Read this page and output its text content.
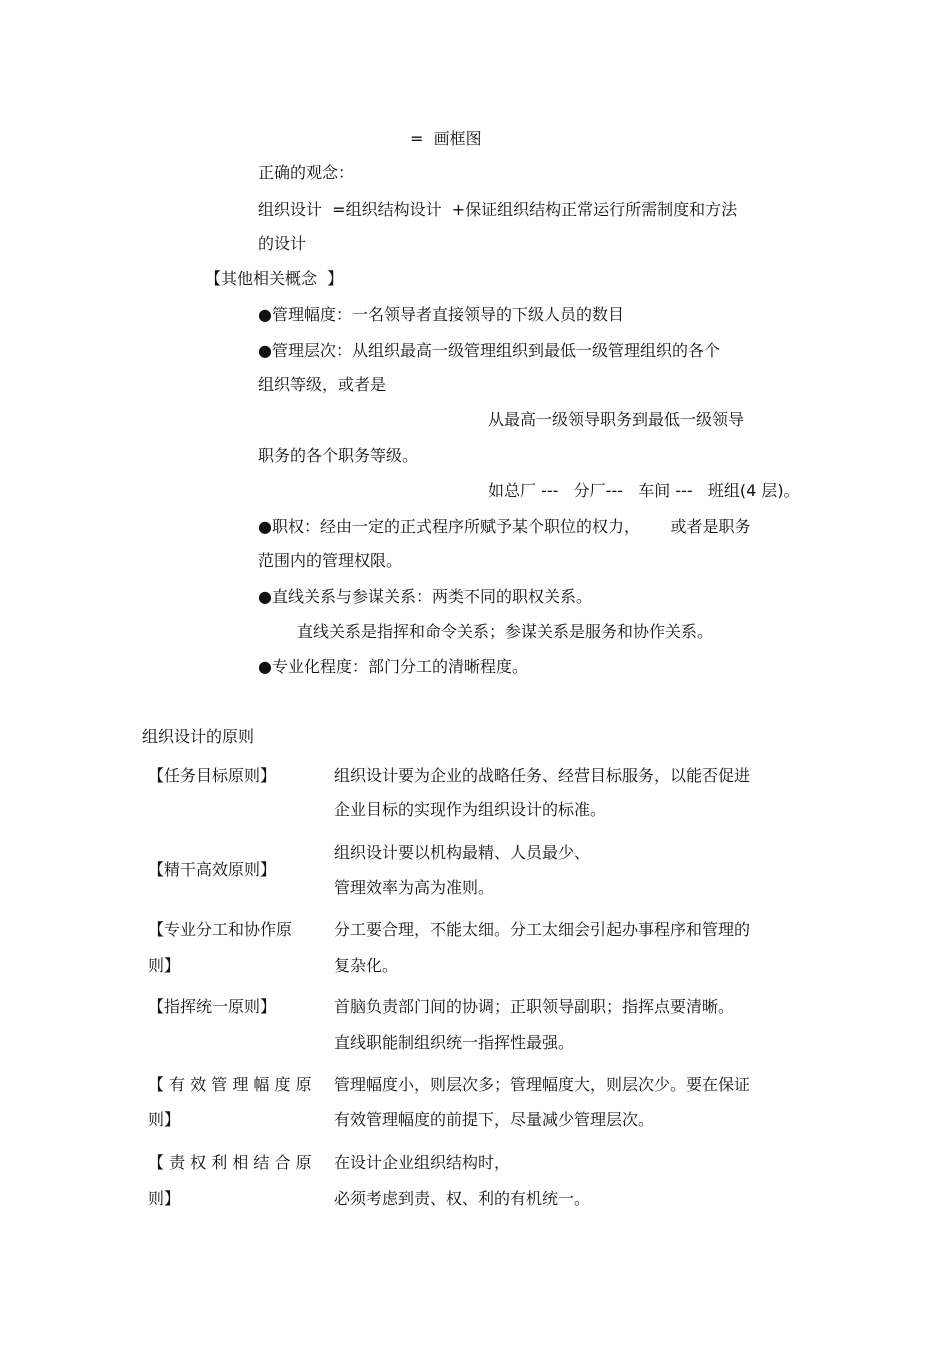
=  画框图
正确的观念：
组织设计  =组织结构设计  +保证组织结构正常运行所需制度和方法
的设计
【其他相关概念  】
●管理幅度：一名领导者直接领导的下级人员的数目
●管理层次：从组织最高一级管理组织到最低一级管理组织的各个
组织等级，或者是
从最高一级领导职务到最低一级领导
职务的各个职务等级。
如总厂 ---   分厂---   车间 ---   班组(4 层)。
●职权：经由一定的正式程序所赋予某个职位的权力，      或者是职务
范围内的管理权限。
●直线关系与参谋关系：两类不同的职权关系。
直线关系是指挥和命令关系；参谋关系是服务和协作关系。
●专业化程度：部门分工的清晰程度。
组织设计的原则
【任务目标原则】	组织设计要为企业的战略任务、经营目标服务，以能否促进
企业目标的实现作为组织设计的标准。
【精干高效原则】
组织设计要以机构最精、人员最少、
管理效率为高为准则。
【专业分工和协作原
则】
分工要合理，不能太细。分工太细会引起办事程序和管理的
复杂化。
【指挥统一原则】	首脑负责部门间的协调；正职领导副职；指挥点要清晰。
直线职能制组织统一指挥性最强。
【 有 效 管 理 幅 度 原
则】
管理幅度小，则层次多；管理幅度大，则层次少。要在保证
有效管理幅度的前提下，尽量减少管理层次。
【 责 权 利 相 结 合 原
则】
在设计企业组织结构时，
必须考虑到责、权、利的有机统一。
